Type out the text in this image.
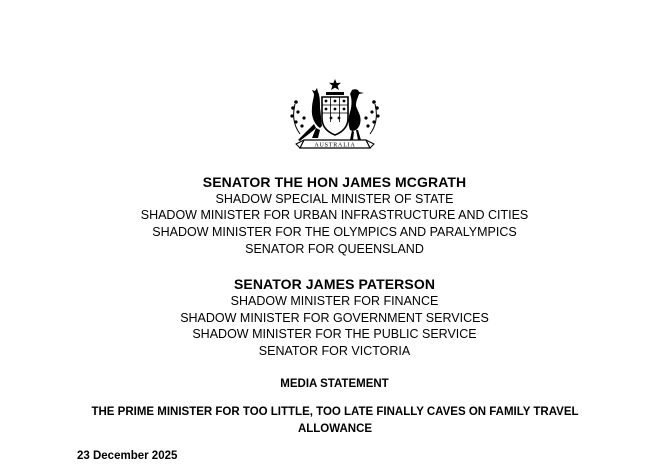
AUSTRALIA
SENATOR THE HON JAMES MCGRATH
SHADOW SPECIAL MINISTER OF STATE
SHADOW MINISTER FOR URBAN INFRASTRUCTURE AND CITIES
SHADOW MINISTER FOR THE OLYMPICS AND PARALYMPICS
SENATOR FOR QUEENSLAND
SENATOR JAMES PATERSON
SHADOW MINISTER FOR FINANCE
SHADOW MINISTER FOR GOVERNMENT SERVICES
SHADOW MINISTER FOR THE PUBLIC SERVICE
SENATOR FOR VICTORIA
MEDIA STATEMENT
THE PRIME MINISTER FOR TOO LITTLE, TOO LATE FINALLY CAVES ON FAMILY TRAVEL
ALLOWANCE
23 December 2025
